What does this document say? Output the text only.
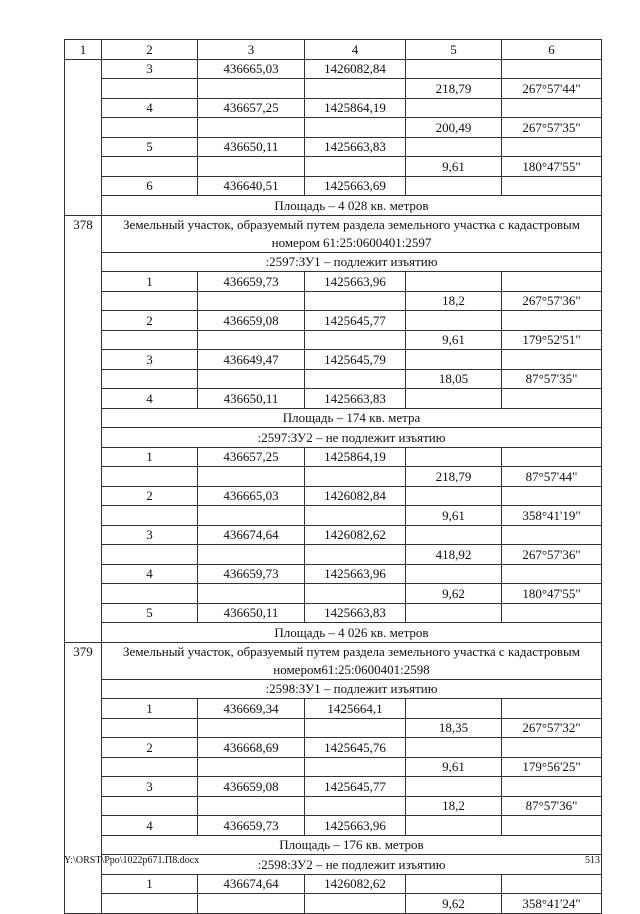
1	2	3	4	5	6
	3	436665,03	1426082,84		
				218,79	267°57'44"
	4	436657,25	1425864,19		
				200,49	267°57'35"
	5	436650,11	1425663,83		
				9,61	180°47'55"
	6	436640,51	1425663,69		
	Площадь – 4 028 кв. метров				
378	Земельный участок, образуемый путем раздела земельного участка с кадастровым номером 61:25:0600401:2597				
	:2597:ЗУ1 – подлежит изъятию				
	1	436659,73	1425663,96		
				18,2	267°57'36"
	2	436659,08	1425645,77		
				9,61	179°52'51"
	3	436649,47	1425645,79		
				18,05	87°57'35"
	4	436650,11	1425663,83		
	Площадь – 174 кв. метра				
	:2597:ЗУ2 – не подлежит изъятию				
	1	436657,25	1425864,19		
				218,79	87°57'44"
	2	436665,03	1426082,84		
				9,61	358°41'19"
	3	436674,64	1426082,62		
				418,92	267°57'36"
	4	436659,73	1425663,96		
				9,62	180°47'55"
	5	436650,11	1425663,83		
	Площадь – 4 026 кв. метров				
379	Земельный участок, образуемый путем раздела земельного участка с кадастровым номером61:25:0600401:2598				
	:2598:ЗУ1 – подлежит изъятию				
	1	436669,34	1425664,1		
				18,35	267°57'32"
	2	436668,69	1425645,76		
				9,61	179°56'25"
	3	436659,08	1425645,77		
				18,2	87°57'36"
	4	436659,73	1425663,96		
	Площадь – 176 кв. метров				
	:2598:ЗУ2 – не подлежит изъятию				
	1	436674,64	1426082,62		
				9,62	358°41'24"
Y:\ORST\Ppo\1022p671.П8.docx	513
